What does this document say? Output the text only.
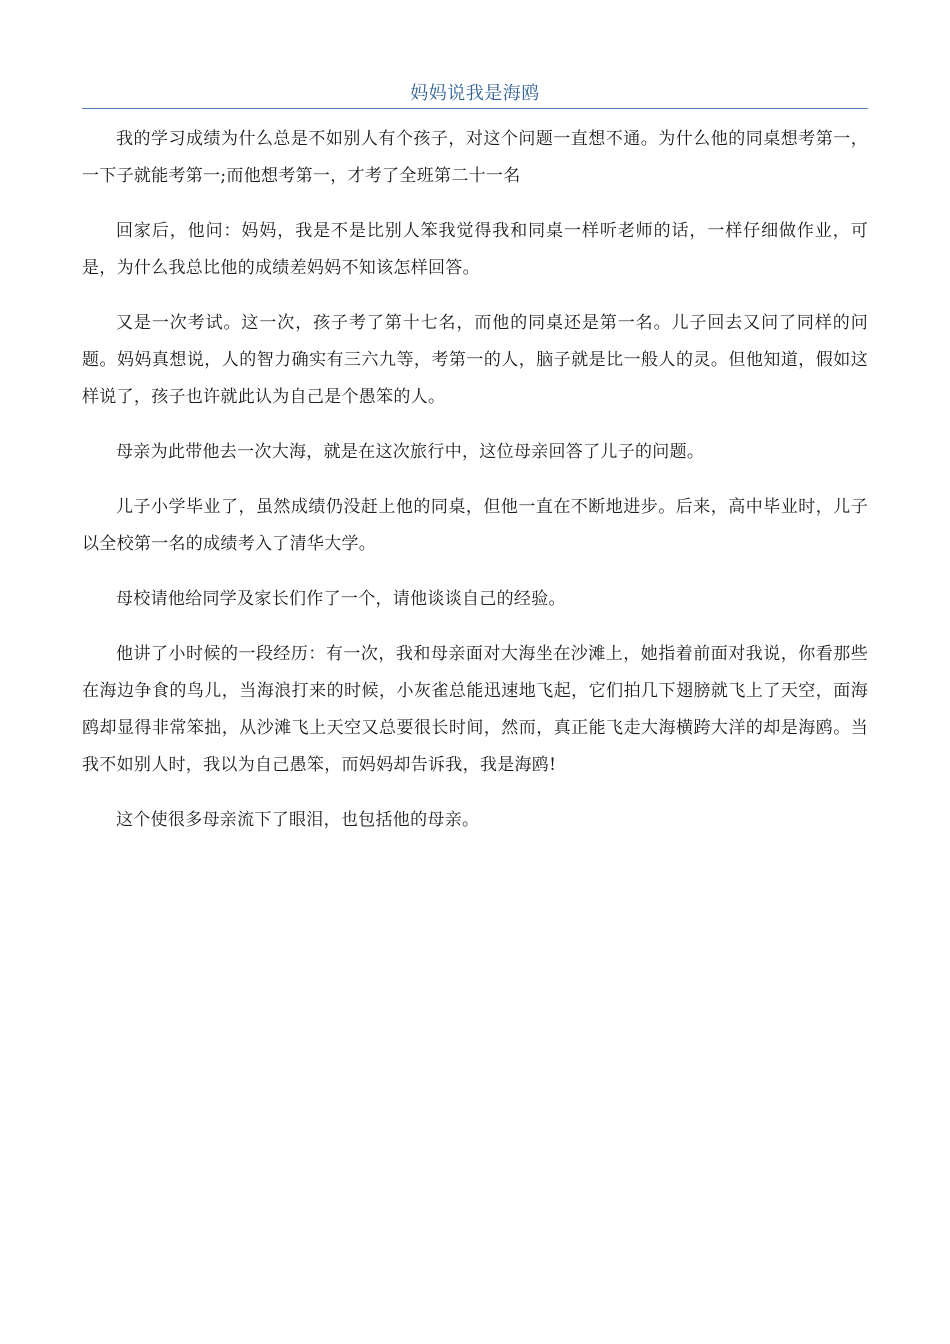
妈妈说我是海鸥

我的学习成绩为什么总是不如别人有个孩子，对这个问题一直想不通。为什么他的同桌想考第一，一下子就能考第一;而他想考第一，才考了全班第二十一名

回家后，他问：妈妈，我是不是比别人笨我觉得我和同桌一样听老师的话，一样仔细做作业，可是，为什么我总比他的成绩差妈妈不知该怎样回答。

又是一次考试。这一次，孩子考了第十七名，而他的同桌还是第一名。儿子回去又问了同样的问题。妈妈真想说，人的智力确实有三六九等，考第一的人，脑子就是比一般人的灵。但他知道，假如这样说了，孩子也许就此认为自己是个愚笨的人。

母亲为此带他去一次大海，就是在这次旅行中，这位母亲回答了儿子的问题。

儿子小学毕业了，虽然成绩仍没赶上他的同桌，但他一直在不断地进步。后来，高中毕业时，儿子以全校第一名的成绩考入了清华大学。

母校请他给同学及家长们作了一个，请他谈谈自己的经验。

他讲了小时候的一段经历：有一次，我和母亲面对大海坐在沙滩上，她指着前面对我说，你看那些在海边争食的鸟儿，当海浪打来的时候，小灰雀总能迅速地飞起，它们拍几下翅膀就飞上了天空，面海鸥却显得非常笨拙，从沙滩飞上天空又总要很长时间，然而，真正能飞走大海横跨大洋的却是海鸥。当我不如别人时，我以为自己愚笨，而妈妈却告诉我，我是海鸥!

这个使很多母亲流下了眼泪，也包括他的母亲。
